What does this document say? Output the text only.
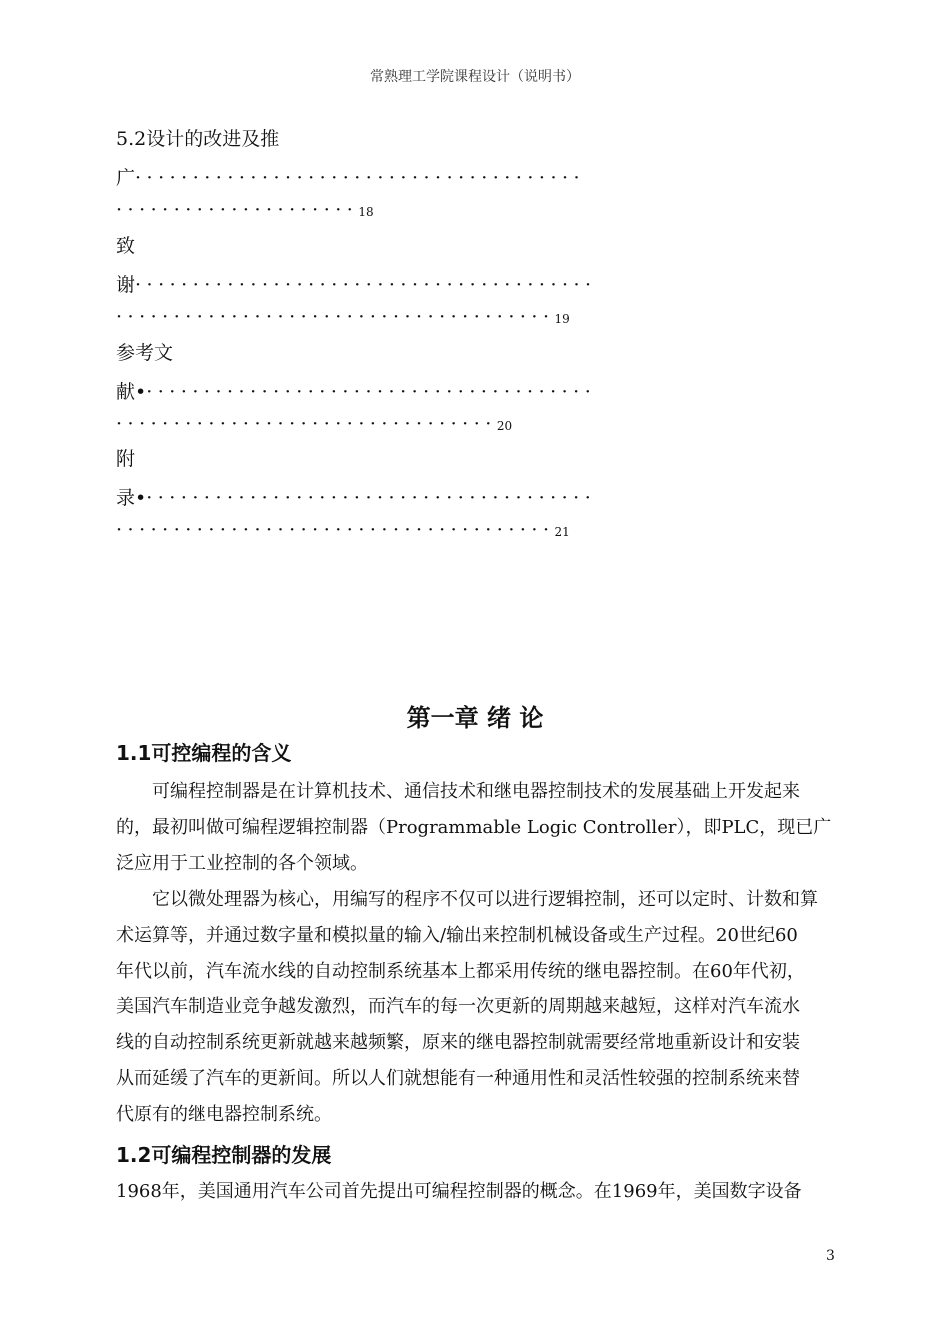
常熟理工学院课程设计（说明书）
5.2设计的改进及推
广·······································
·····················18
致
谢········································
······································19
参考文
献•·······································
·································20
附
录•·······································
······································21
第一章 绪 论
1.1可控编程的含义
　　可编程控制器是在计算机技术、通信技术和继电器控制技术的发展基础上开发起来
的，最初叫做可编程逻辑控制器（Programmable Logic Controller），即PLC，现已广
泛应用于工业控制的各个领域。
　　它以微处理器为核心，用编写的程序不仅可以进行逻辑控制，还可以定时、计数和算
术运算等，并通过数字量和模拟量的输入/输出来控制机械设备或生产过程。20世纪60
年代以前，汽车流水线的自动控制系统基本上都采用传统的继电器控制。在60年代初，
美国汽车制造业竞争越发激烈，而汽车的每一次更新的周期越来越短，这样对汽车流水
线的自动控制系统更新就越来越频繁，原来的继电器控制就需要经常地重新设计和安装
从而延缓了汽车的更新间。所以人们就想能有一种通用性和灵活性较强的控制系统来替
代原有的继电器控制系统。
1.2可编程控制器的发展
1968年，美国通用汽车公司首先提出可编程控制器的概念。在1969年，美国数字设备
3
